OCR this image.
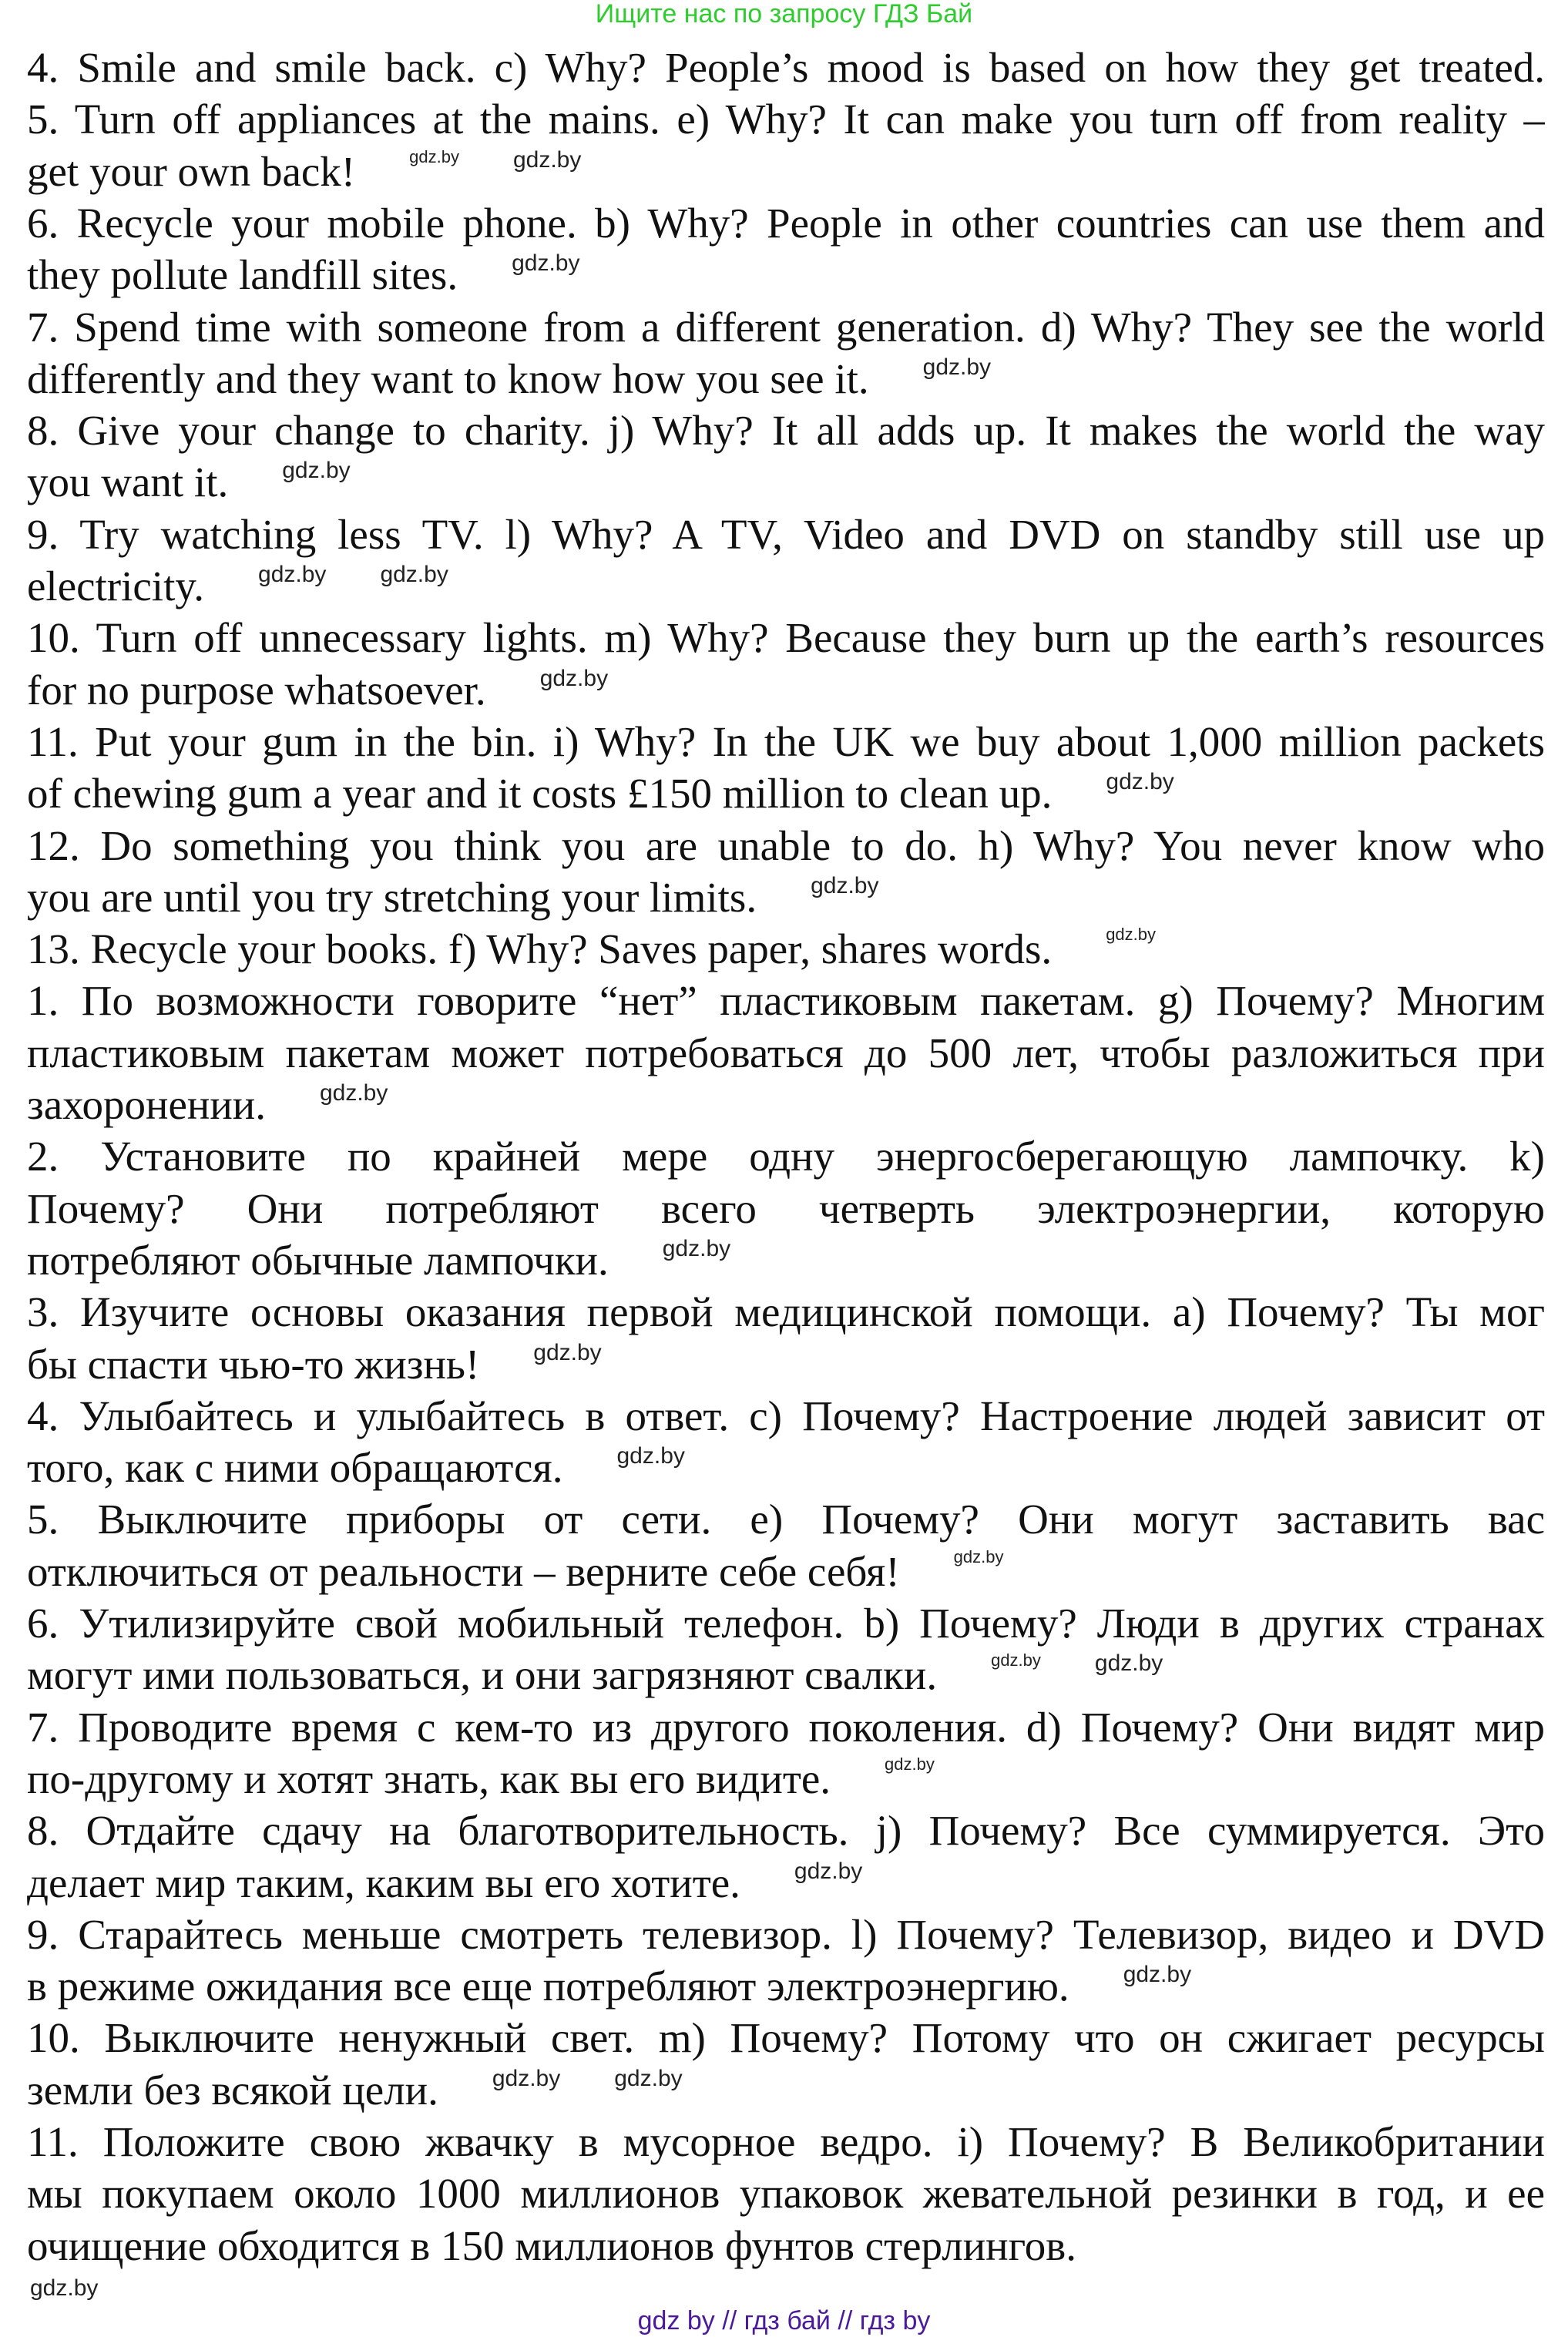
Ищите нас по запросу ГДЗ Бай
4. Smile and smile back. c) Why? People’s mood is based on how they get treated.
5. Turn off appliances at the mains. e) Why? It can make you turn off from reality –
get your own back!	gdz.by gdz.by
6. Recycle your mobile phone. b) Why? People in other countries can use them and
they pollute landfill sites. gdz.by
7. Spend time with someone from a different generation. d) Why? They see the world
differently and they want to know how you see it. gdz.by
8. Give your change to charity. j) Why? It all adds up. It makes the world the way
you want it. gdz.by
9. Try watching less TV. l) Why? A TV, Video and DVD on standby still use up
electricity. gdz.by gdz.by
10. Turn off unnecessary lights. m) Why? Because they burn up the earth’s resources
for no purpose whatsoever. gdz.by
11. Put your gum in the bin. i) Why? In the UK we buy about 1,000 million packets
of chewing gum a year and it costs £150 million to clean up. gdz.by
12. Do something you think you are unable to do. h) Why? You never know who
you are until you try stretching your limits. gdz.by
13. Recycle your books. f) Why? Saves paper, shares words.	gdz.by
1. По возможности говорите “нет” пластиковым пакетам. g) Почему? Многим
пластиковым пакетам может потребоваться до 500 лет, чтобы разложиться при
захоронении. gdz.by
2. Установите по крайней мере одну энергосберегающую лампочку. k)
Почему? Они потребляют всего четверть электроэнергии, которую
потребляют обычные лампочки. gdz.by
3. Изучите основы оказания первой медицинской помощи. a) Почему? Ты мог
бы спасти чью-то жизнь! gdz.by
4. Улыбайтесь и улыбайтесь в ответ. c) Почему? Настроение людей зависит от
того, как с ними обращаются. gdz.by
5. Выключите приборы от сети. e) Почему? Они могут заставить вас
отключиться от реальности – верните себе себя!	gdz.by
6. Утилизируйте свой мобильный телефон. b) Почему? Люди в других странах
могут ими пользоваться, и они загрязняют свалки.	gdz.by gdz.by
7. Проводите время с кем-то из другого поколения. d) Почему? Они видят мир
по-другому и хотят знать, как вы его видите.	gdz.by
8. Отдайте сдачу на благотворительность. j) Почему? Все суммируется. Это
делает мир таким, каким вы его хотите. gdz.by
9. Старайтесь меньше смотреть телевизор. l) Почему? Телевизор, видео и DVD
в режиме ожидания все еще потребляют электроэнергию. gdz.by
10. Выключите ненужный свет. m) Почему? Потому что он сжигает ресурсы
земли без всякой цели. gdz.by gdz.by
11. Положите свою жвачку в мусорное ведро. i) Почему? В Великобритании
мы покупаем около 1000 миллионов упаковок жевательной резинки в год, и ее
очищение обходится в 150 миллионов фунтов стерлингов.
gdz.by
gdz by // гдз бай // гдз by
